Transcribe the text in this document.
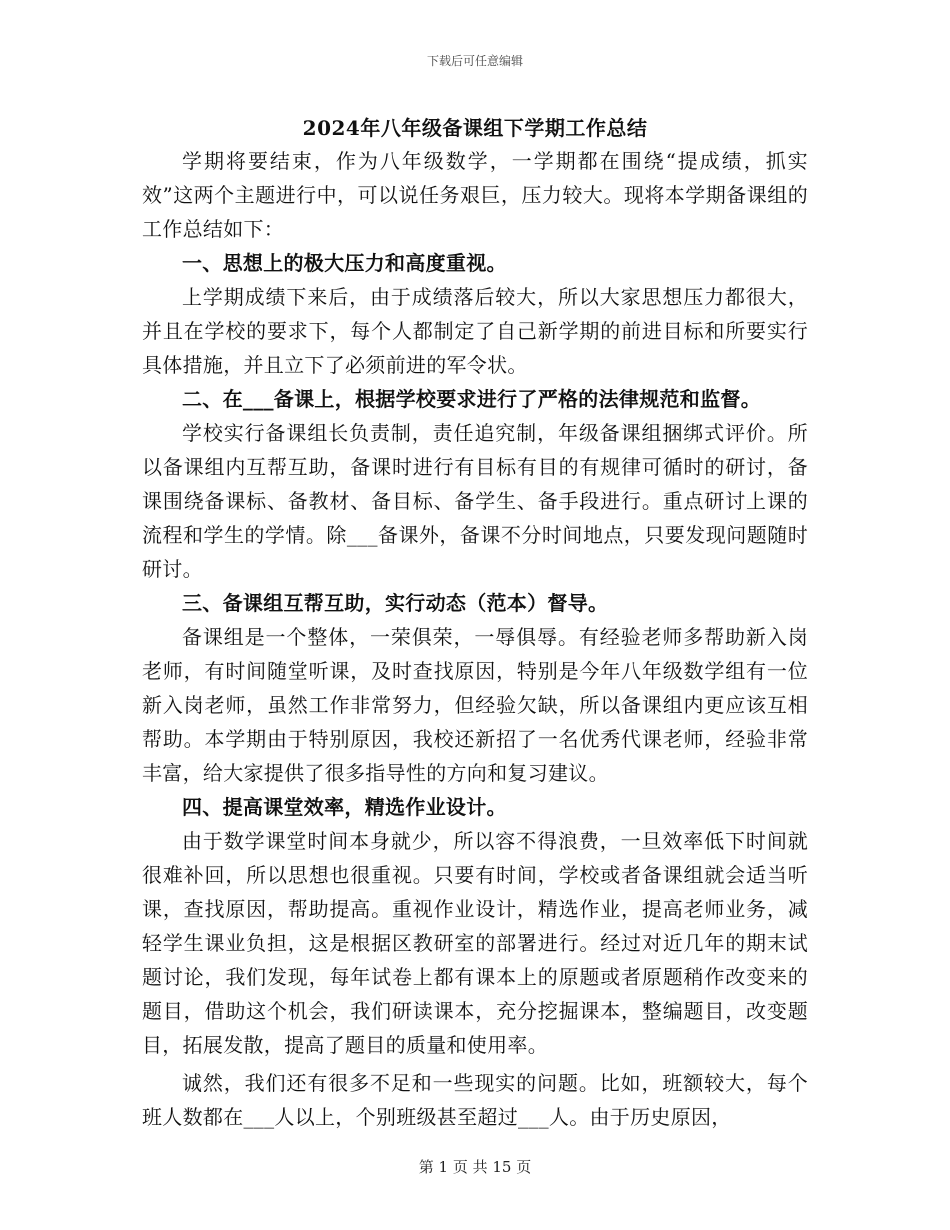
下载后可任意编辑
2024年八年级备课组下学期工作总结

学期将要结束，作为八年级数学，一学期都在围绕“提成绩，抓实效”这两个主题进行中，可以说任务艰巨，压力较大。现将本学期备课组的工作总结如下：

一、思想上的极大压力和高度重视。

上学期成绩下来后，由于成绩落后较大，所以大家思想压力都很大，并且在学校的要求下，每个人都制定了自己新学期的前进目标和所要实行具体措施，并且立下了必须前进的军令状。

二、在___备课上，根据学校要求进行了严格的法律规范和监督。

学校实行备课组长负责制，责任追究制，年级备课组捆绑式评价。所以备课组内互帮互助，备课时进行有目标有目的有规律可循时的研讨，备课围绕备课标、备教材、备目标、备学生、备手段进行。重点研讨上课的流程和学生的学情。除___备课外，备课不分时间地点，只要发现问题随时研讨。

三、备课组互帮互助，实行动态（范本）督导。

备课组是一个整体，一荣俱荣，一辱俱辱。有经验老师多帮助新入岗老师，有时间随堂听课，及时查找原因，特别是今年八年级数学组有一位新入岗老师，虽然工作非常努力，但经验欠缺，所以备课组内更应该互相帮助。本学期由于特别原因，我校还新招了一名优秀代课老师，经验非常丰富，给大家提供了很多指导性的方向和复习建议。

四、提高课堂效率，精选作业设计。

由于数学课堂时间本身就少，所以容不得浪费，一旦效率低下时间就很难补回，所以思想也很重视。只要有时间，学校或者备课组就会适当听课，查找原因，帮助提高。重视作业设计，精选作业，提高老师业务，减轻学生课业负担，这是根据区教研室的部署进行。经过对近几年的期末试题讨论，我们发现，每年试卷上都有课本上的原题或者原题稍作改变来的题目，借助这个机会，我们研读课本，充分挖掘课本，整编题目，改变题目，拓展发散，提高了题目的质量和使用率。

诚然，我们还有很多不足和一些现实的问题。比如，班额较大，每个班人数都在___人以上，个别班级甚至超过___人。由于历史原因，

第 1 页 共 15 页
